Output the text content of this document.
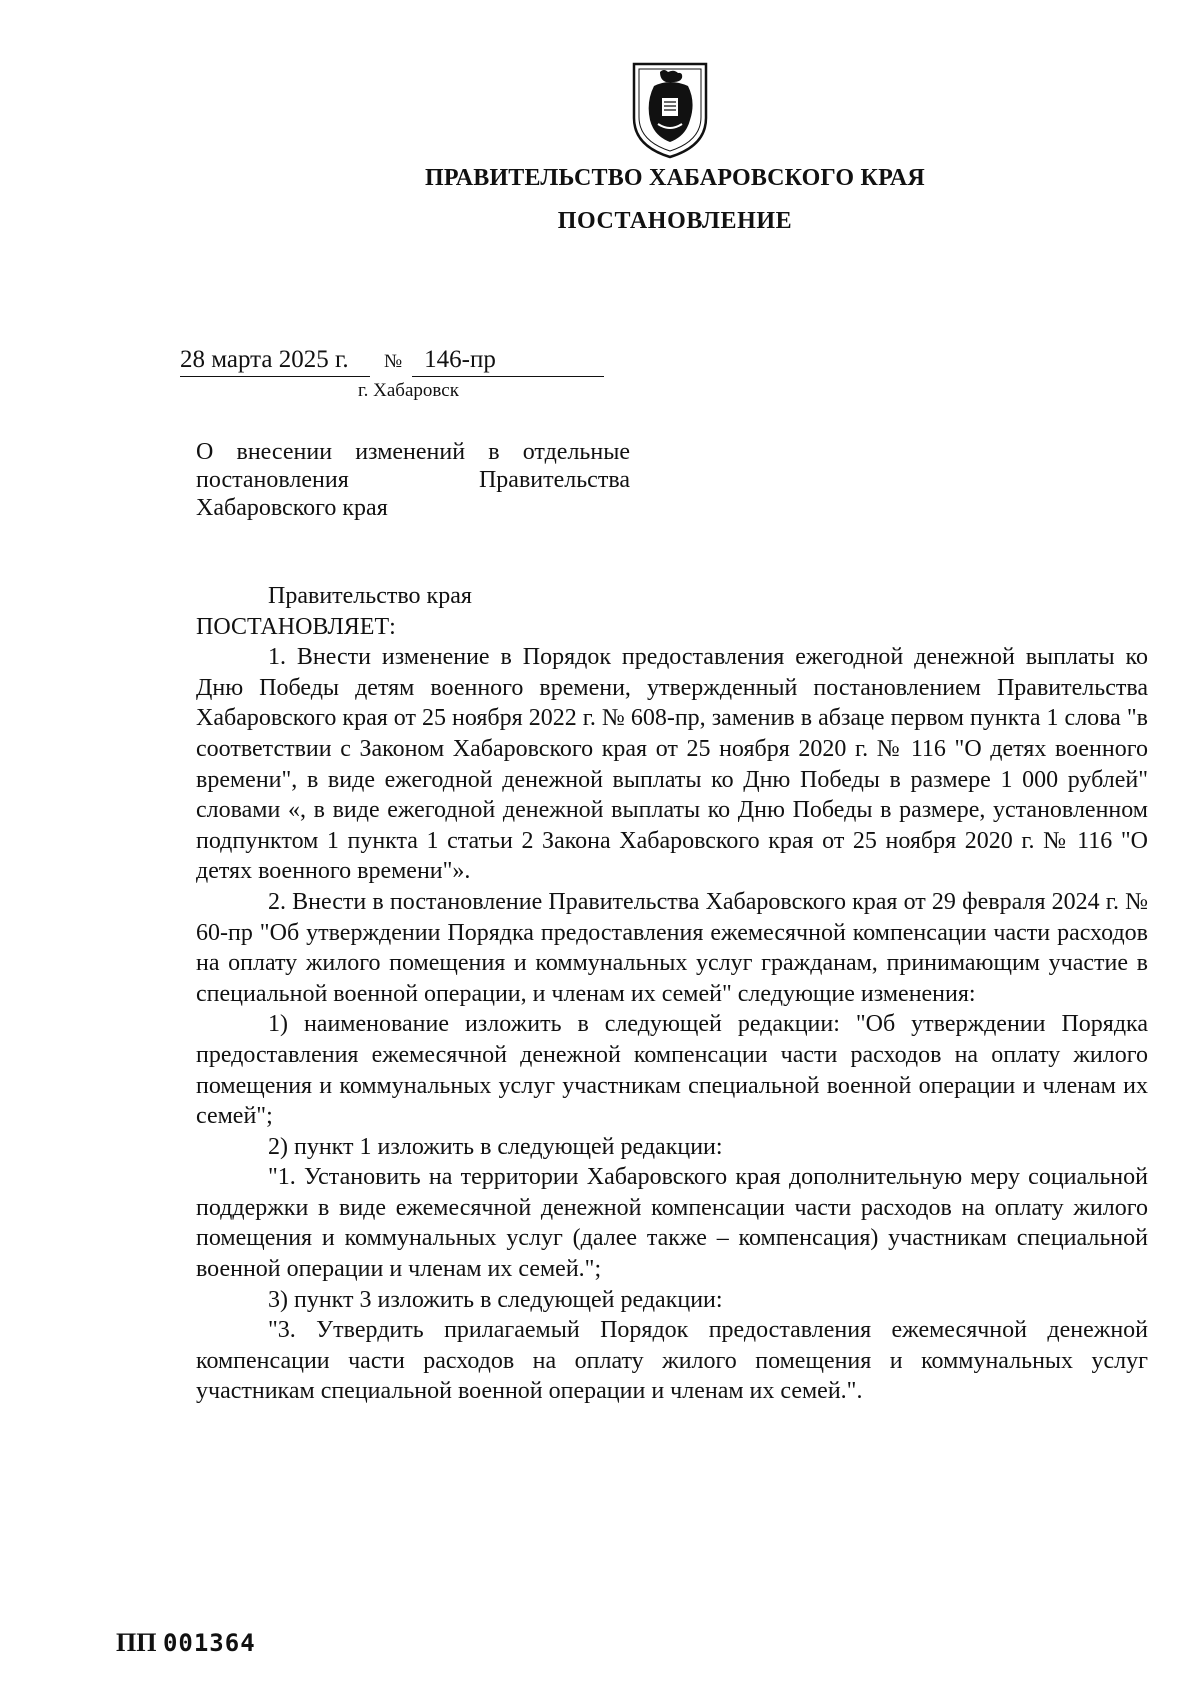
ПРАВИТЕЛЬСТВО ХАБАРОВСКОГО КРАЯ
ПОСТАНОВЛЕНИЕ
28 марта 2025 г. № 146-пр
г. Хабаровск
О внесении изменений в отдельные
постановления Правительства
Хабаровского края

Правительство края

ПОСТАНОВЛЯЕТ:

1. Внести изменение в Порядок предоставления ежегодной денежной выплаты ко Дню Победы детям военного времени, утвержденный постановлением Правительства Хабаровского края от 25 ноября 2022 г. № 608-пр, заменив в абзаце первом пункта 1 слова "в соответствии с Законом Хабаровского края от 25 ноября 2020 г. № 116 "О детях военного времени", в виде ежегодной денежной выплаты ко Дню Победы в размере 1 000 рублей" словами «, в виде ежегодной денежной выплаты ко Дню Победы в размере, установленном подпунктом 1 пункта 1 статьи 2 Закона Хабаровского края от 25 ноября 2020 г. № 116 "О детях военного времени"».

2. Внести в постановление Правительства Хабаровского края от 29 февраля 2024 г. № 60-пр "Об утверждении Порядка предоставления ежемесячной компенсации части расходов на оплату жилого помещения и коммунальных услуг гражданам, принимающим участие в специальной военной операции, и членам их семей" следующие изменения:

1) наименование изложить в следующей редакции: "Об утверждении Порядка предоставления ежемесячной денежной компенсации части расходов на оплату жилого помещения и коммунальных услуг участникам специальной военной операции и членам их семей";

2) пункт 1 изложить в следующей редакции:

"1. Установить на территории Хабаровского края дополнительную меру социальной поддержки в виде ежемесячной денежной компенсации части расходов на оплату жилого помещения и коммунальных услуг (далее также – компенсация) участникам специальной военной операции и членам их семей.";

3) пункт 3 изложить в следующей редакции:

"3. Утвердить прилагаемый Порядок предоставления ежемесячной денежной компенсации части расходов на оплату жилого помещения и коммунальных услуг участникам специальной военной операции и членам их семей.".

ПП 001364
